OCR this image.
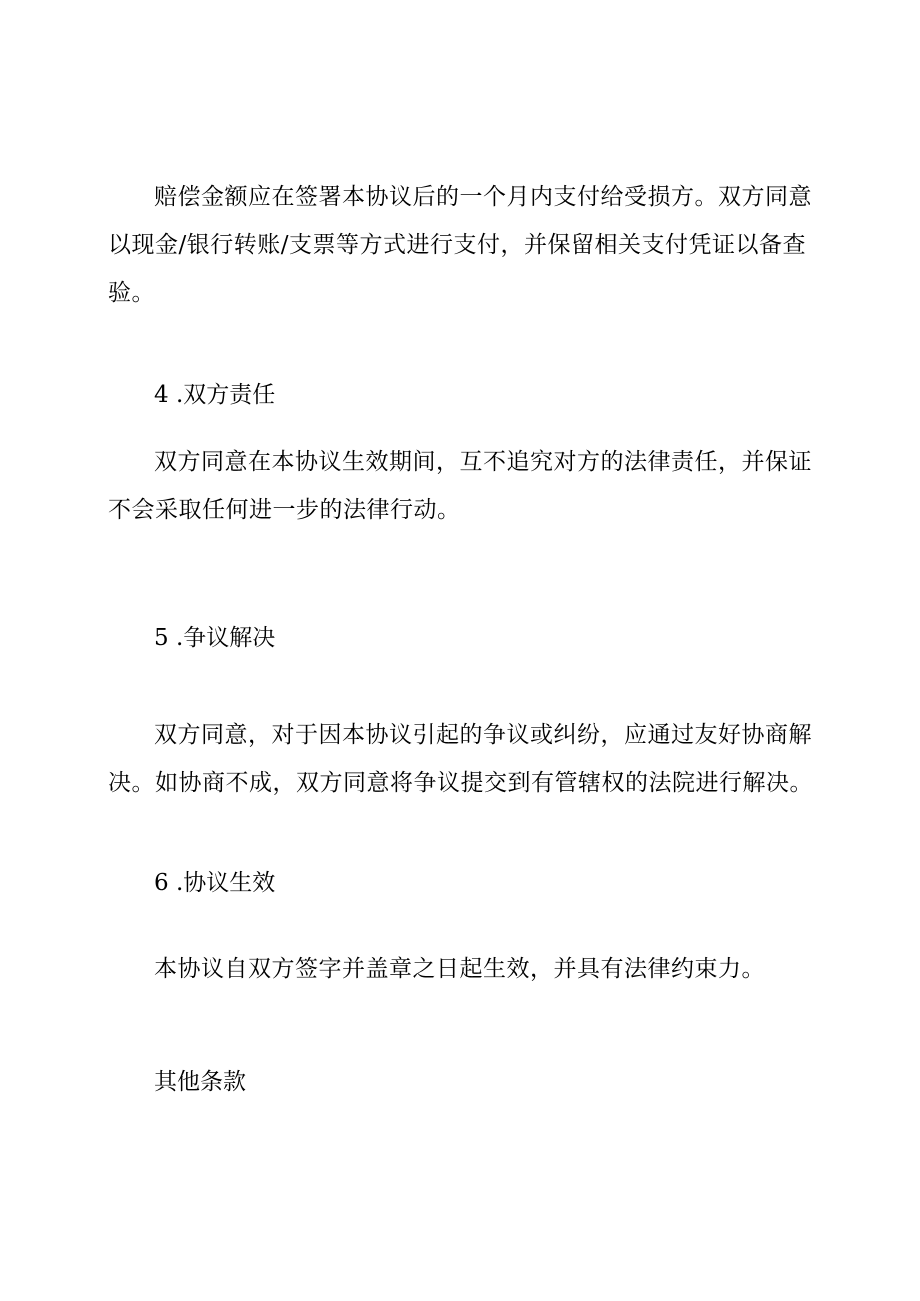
赔偿金额应在签署本协议后的一个月内支付给受损方。双方同意
以现金/银行转账/支票等方式进行支付，并保留相关支付凭证以备查
验。

4 .双方责任

双方同意在本协议生效期间，互不追究对方的法律责任，并保证
不会采取任何进一步的法律行动。

5 .争议解决

双方同意，对于因本协议引起的争议或纠纷，应通过友好协商解
决。如协商不成，双方同意将争议提交到有管辖权的法院进行解决。

6 .协议生效

本协议自双方签字并盖章之日起生效，并具有法律约束力。

其他条款
